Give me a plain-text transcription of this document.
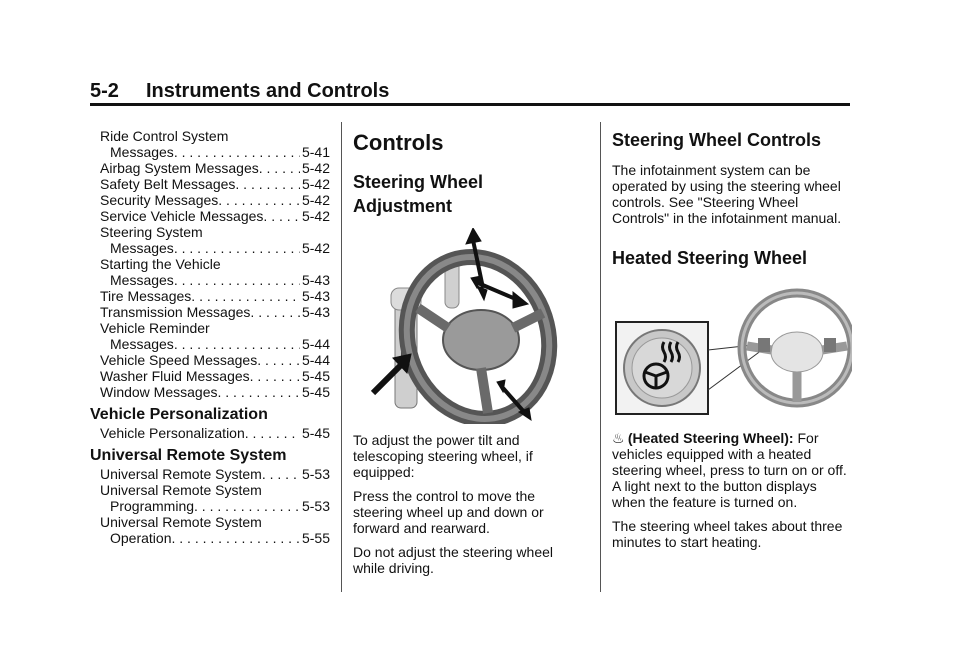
5-2 Instruments and Controls
Ride Control System
Messages . . .	5-41
Airbag System Messages . . .	5-42
Safety Belt Messages . . .	5-42
Security Messages . . .	5-42
Service Vehicle Messages . . .	5-42
Steering System
Messages . . .	5-42
Starting the Vehicle
Messages . . .	5-43
Tire Messages . . .	5-43
Transmission Messages . . .	5-43
Vehicle Reminder
Messages . . .	5-44
Vehicle Speed Messages . . .	5-44
Washer Fluid Messages . . .	5-45
Window Messages . . .	5-45
Vehicle Personalization
Vehicle Personalization . . .	5-45
Universal Remote System
Universal Remote System . . .	5-53
Universal Remote System
Programming . . .	5-53
Universal Remote System
Operation . . .	5-55
Controls
Steering Wheel
Adjustment

To adjust the power tilt and telescoping steering wheel, if equipped:

Press the control to move the steering wheel up and down or forward and rearward.

Do not adjust the steering wheel while driving.

Steering Wheel Controls

The infotainment system can be operated by using the steering wheel controls. See "Steering Wheel Controls" in the infotainment manual.

Heated Steering Wheel

♨ (Heated Steering Wheel): For vehicles equipped with a heated steering wheel, press to turn on or off. A light next to the button displays when the feature is turned on.

The steering wheel takes about three minutes to start heating.
